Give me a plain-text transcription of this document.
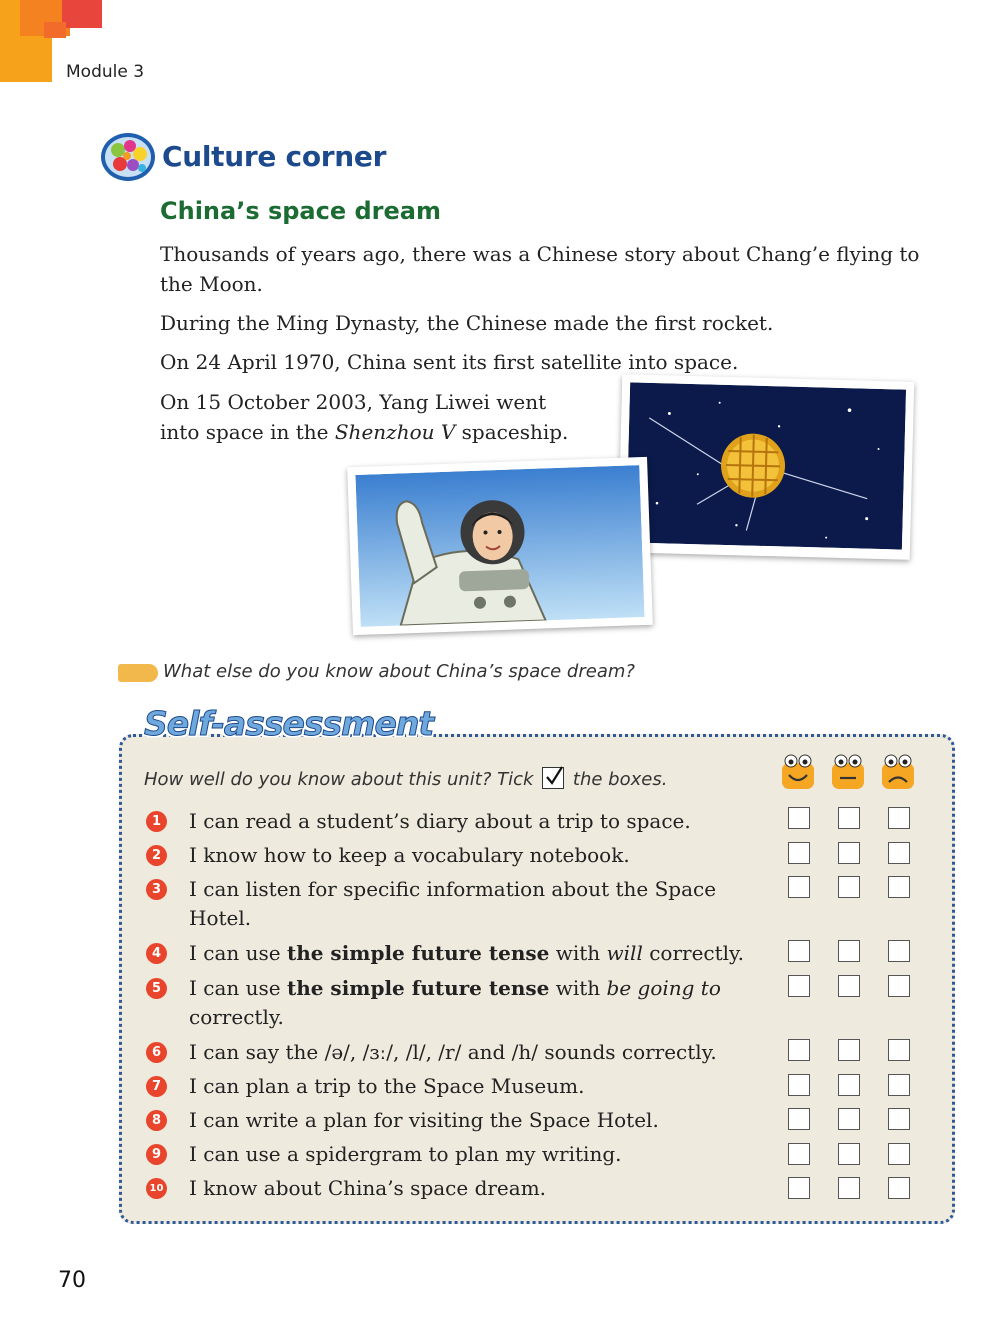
Module 3
Culture corner
China’s space dream
Thousands of years ago, there was a Chinese story about Chang’e flying to the Moon.
During the Ming Dynasty, the Chinese made the first rocket.
On 24 April 1970, China sent its first satellite into space.
On 15 October 2003, Yang Liwei went
into space in the Shenzhou V spaceship.
What else do you know about China’s space dream?
Self-assessment
How well do you know about this unit? Tick the boxes.
1 I can read a student’s diary about a trip to space.
2 I know how to keep a vocabulary notebook.
3 I can listen for specific information about the Space Hotel.
4 I can use the simple future tense with will correctly.
5 I can use the simple future tense with be going to correctly.
6 I can say the /ə/, /ɜː/, /l/, /r/ and /h/ sounds correctly.
7 I can plan a trip to the Space Museum.
8 I can write a plan for visiting the Space Hotel.
9 I can use a spidergram to plan my writing.
10 I know about China’s space dream.
70
